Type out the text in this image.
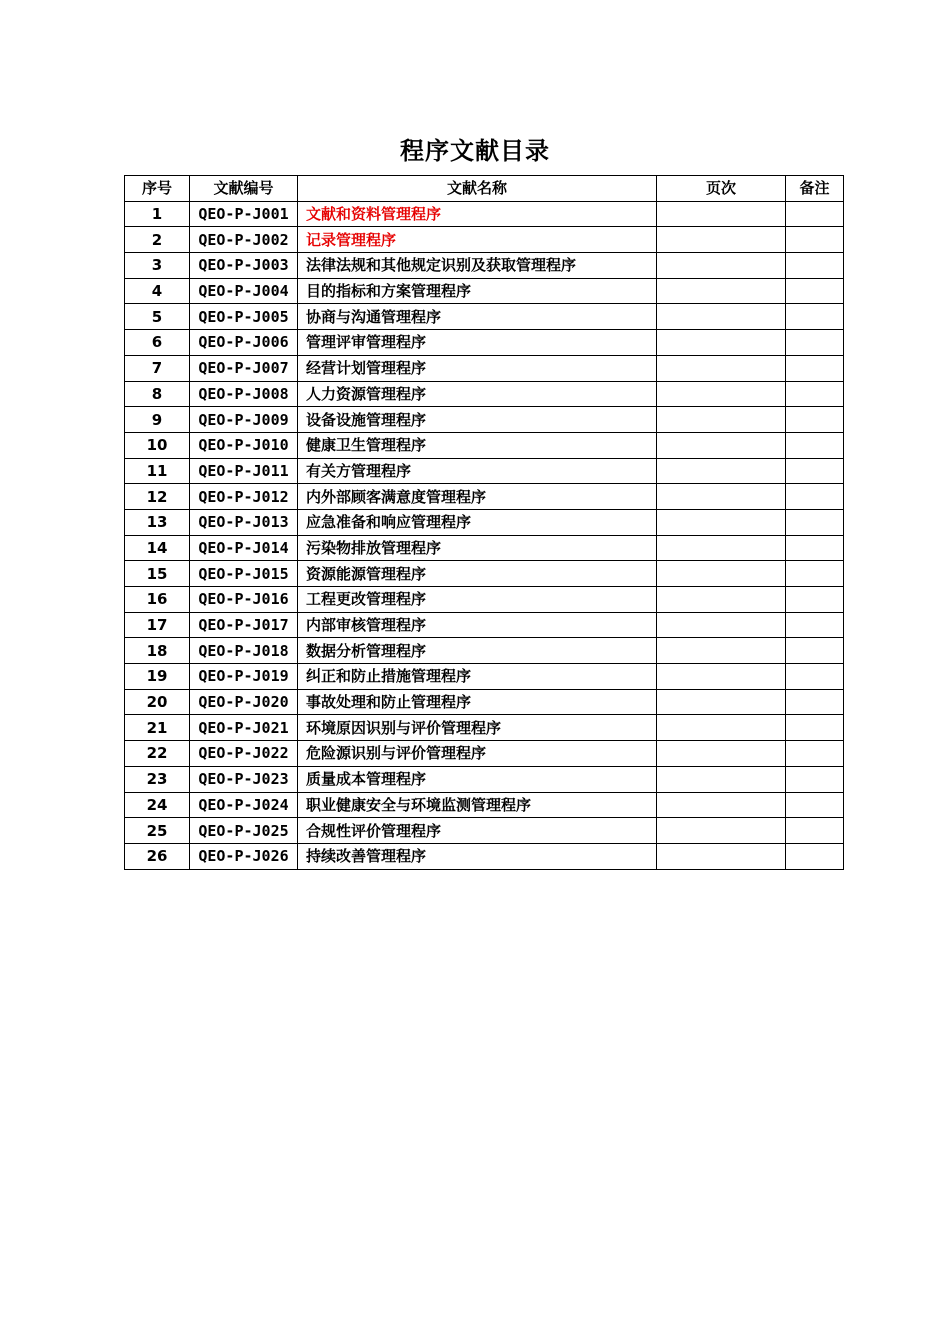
程序文献目录
序号	文献编号	文献名称	页次	备注
1	QEO-P-J001	文献和资料管理程序		
2	QEO-P-J002	记录管理程序		
3	QEO-P-J003	法律法规和其他规定识别及获取管理程序		
4	QEO-P-J004	目的指标和方案管理程序		
5	QEO-P-J005	协商与沟通管理程序		
6	QEO-P-J006	管理评审管理程序		
7	QEO-P-J007	经营计划管理程序		
8	QEO-P-J008	人力资源管理程序		
9	QEO-P-J009	设备设施管理程序		
10	QEO-P-J010	健康卫生管理程序		
11	QEO-P-J011	有关方管理程序		
12	QEO-P-J012	内外部顾客满意度管理程序		
13	QEO-P-J013	应急准备和响应管理程序		
14	QEO-P-J014	污染物排放管理程序		
15	QEO-P-J015	资源能源管理程序		
16	QEO-P-J016	工程更改管理程序		
17	QEO-P-J017	内部审核管理程序		
18	QEO-P-J018	数据分析管理程序		
19	QEO-P-J019	纠正和防止措施管理程序		
20	QEO-P-J020	事故处理和防止管理程序		
21	QEO-P-J021	环境原因识别与评价管理程序		
22	QEO-P-J022	危险源识别与评价管理程序		
23	QEO-P-J023	质量成本管理程序		
24	QEO-P-J024	职业健康安全与环境监测管理程序		
25	QEO-P-J025	合规性评价管理程序		
26	QEO-P-J026	持续改善管理程序		
